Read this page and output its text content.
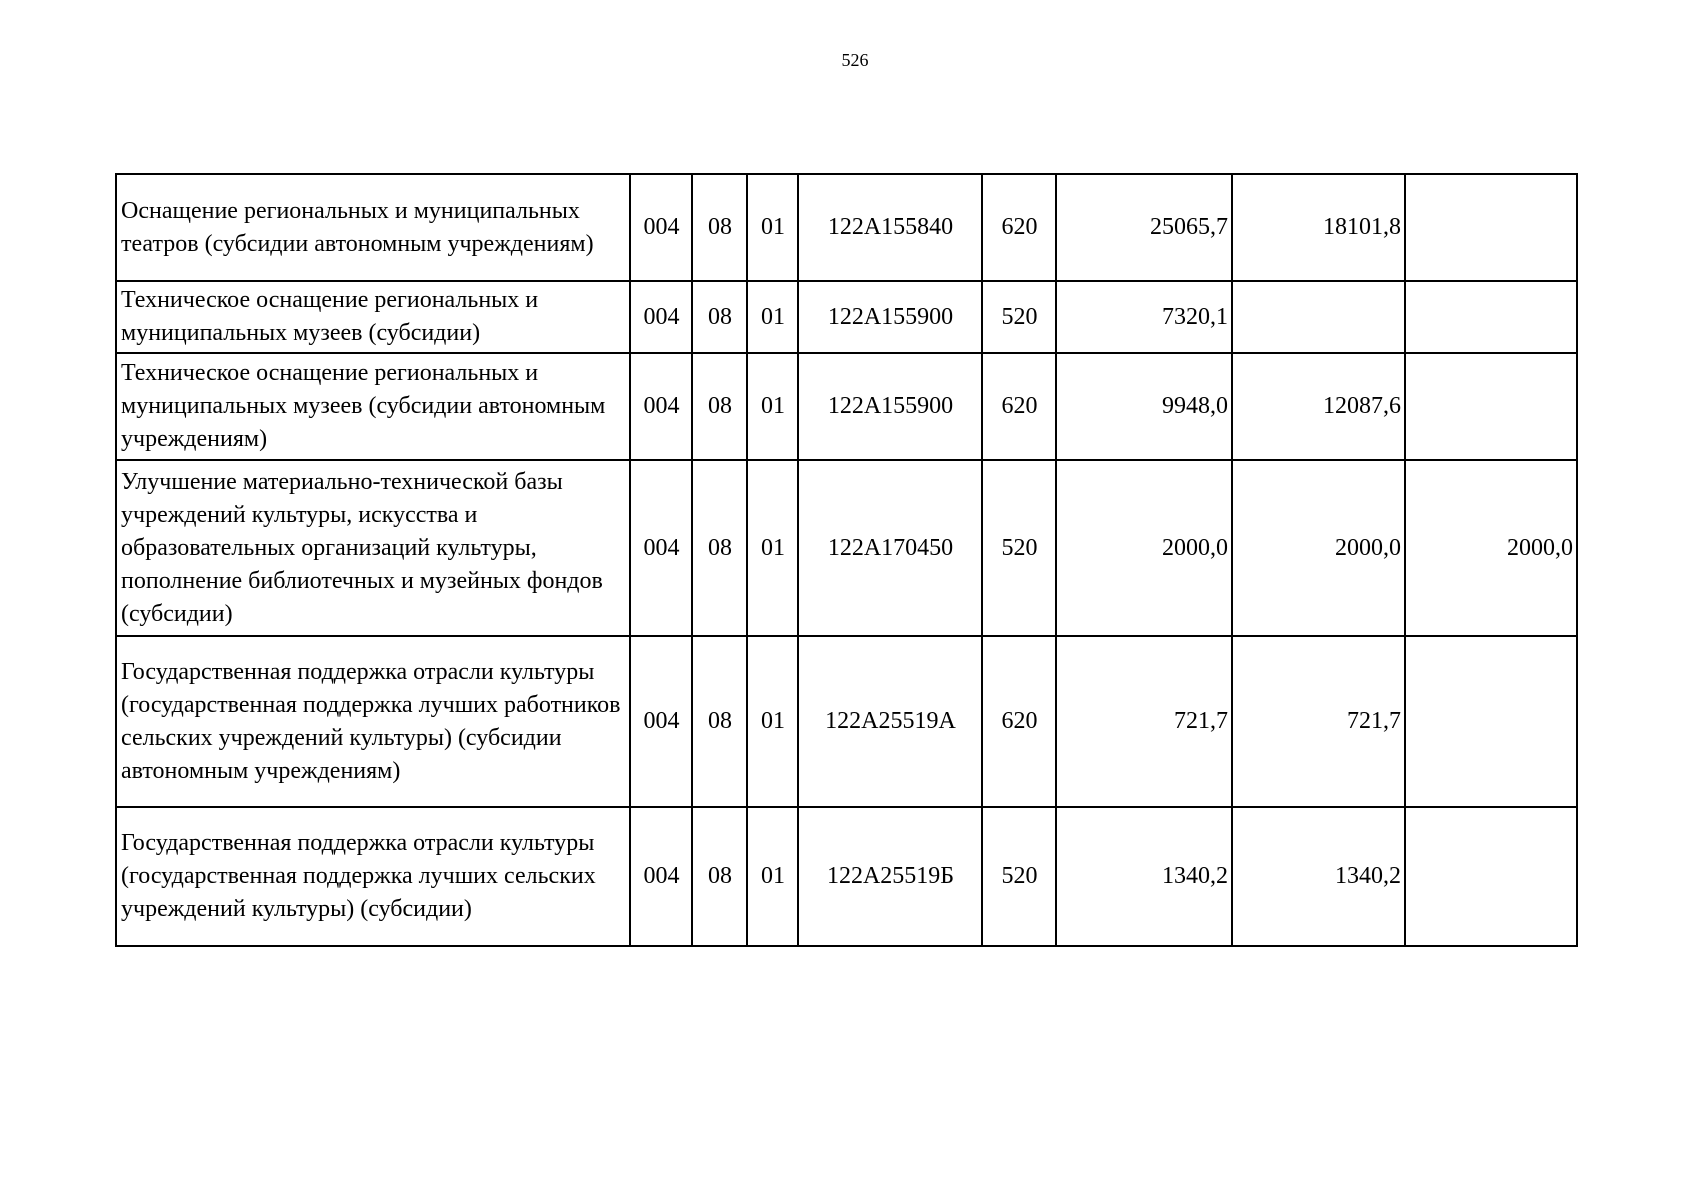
526
Оснащение региональных и муниципальных театров (субсидии автономным учреждениям)	004	08	01	122А155840	620	25065,7	18101,8	
Техническое оснащение региональных и муниципальных музеев (субсидии)	004	08	01	122А155900	520	7320,1		
Техническое оснащение региональных и муниципальных музеев (субсидии автономным учреждениям)	004	08	01	122А155900	620	9948,0	12087,6	
Улучшение материально-технической базы учреждений культуры, искусства и образовательных организаций культуры, пополнение библиотечных и музейных фондов (субсидии)	004	08	01	122А170450	520	2000,0	2000,0	2000,0
Государственная поддержка отрасли культуры (государственная поддержка лучших работников сельских учреждений культуры) (субсидии автономным учреждениям)	004	08	01	122А25519А	620	721,7	721,7	
Государственная поддержка отрасли культуры (государственная поддержка лучших сельских учреждений культуры) (субсидии)	004	08	01	122А25519Б	520	1340,2	1340,2	
